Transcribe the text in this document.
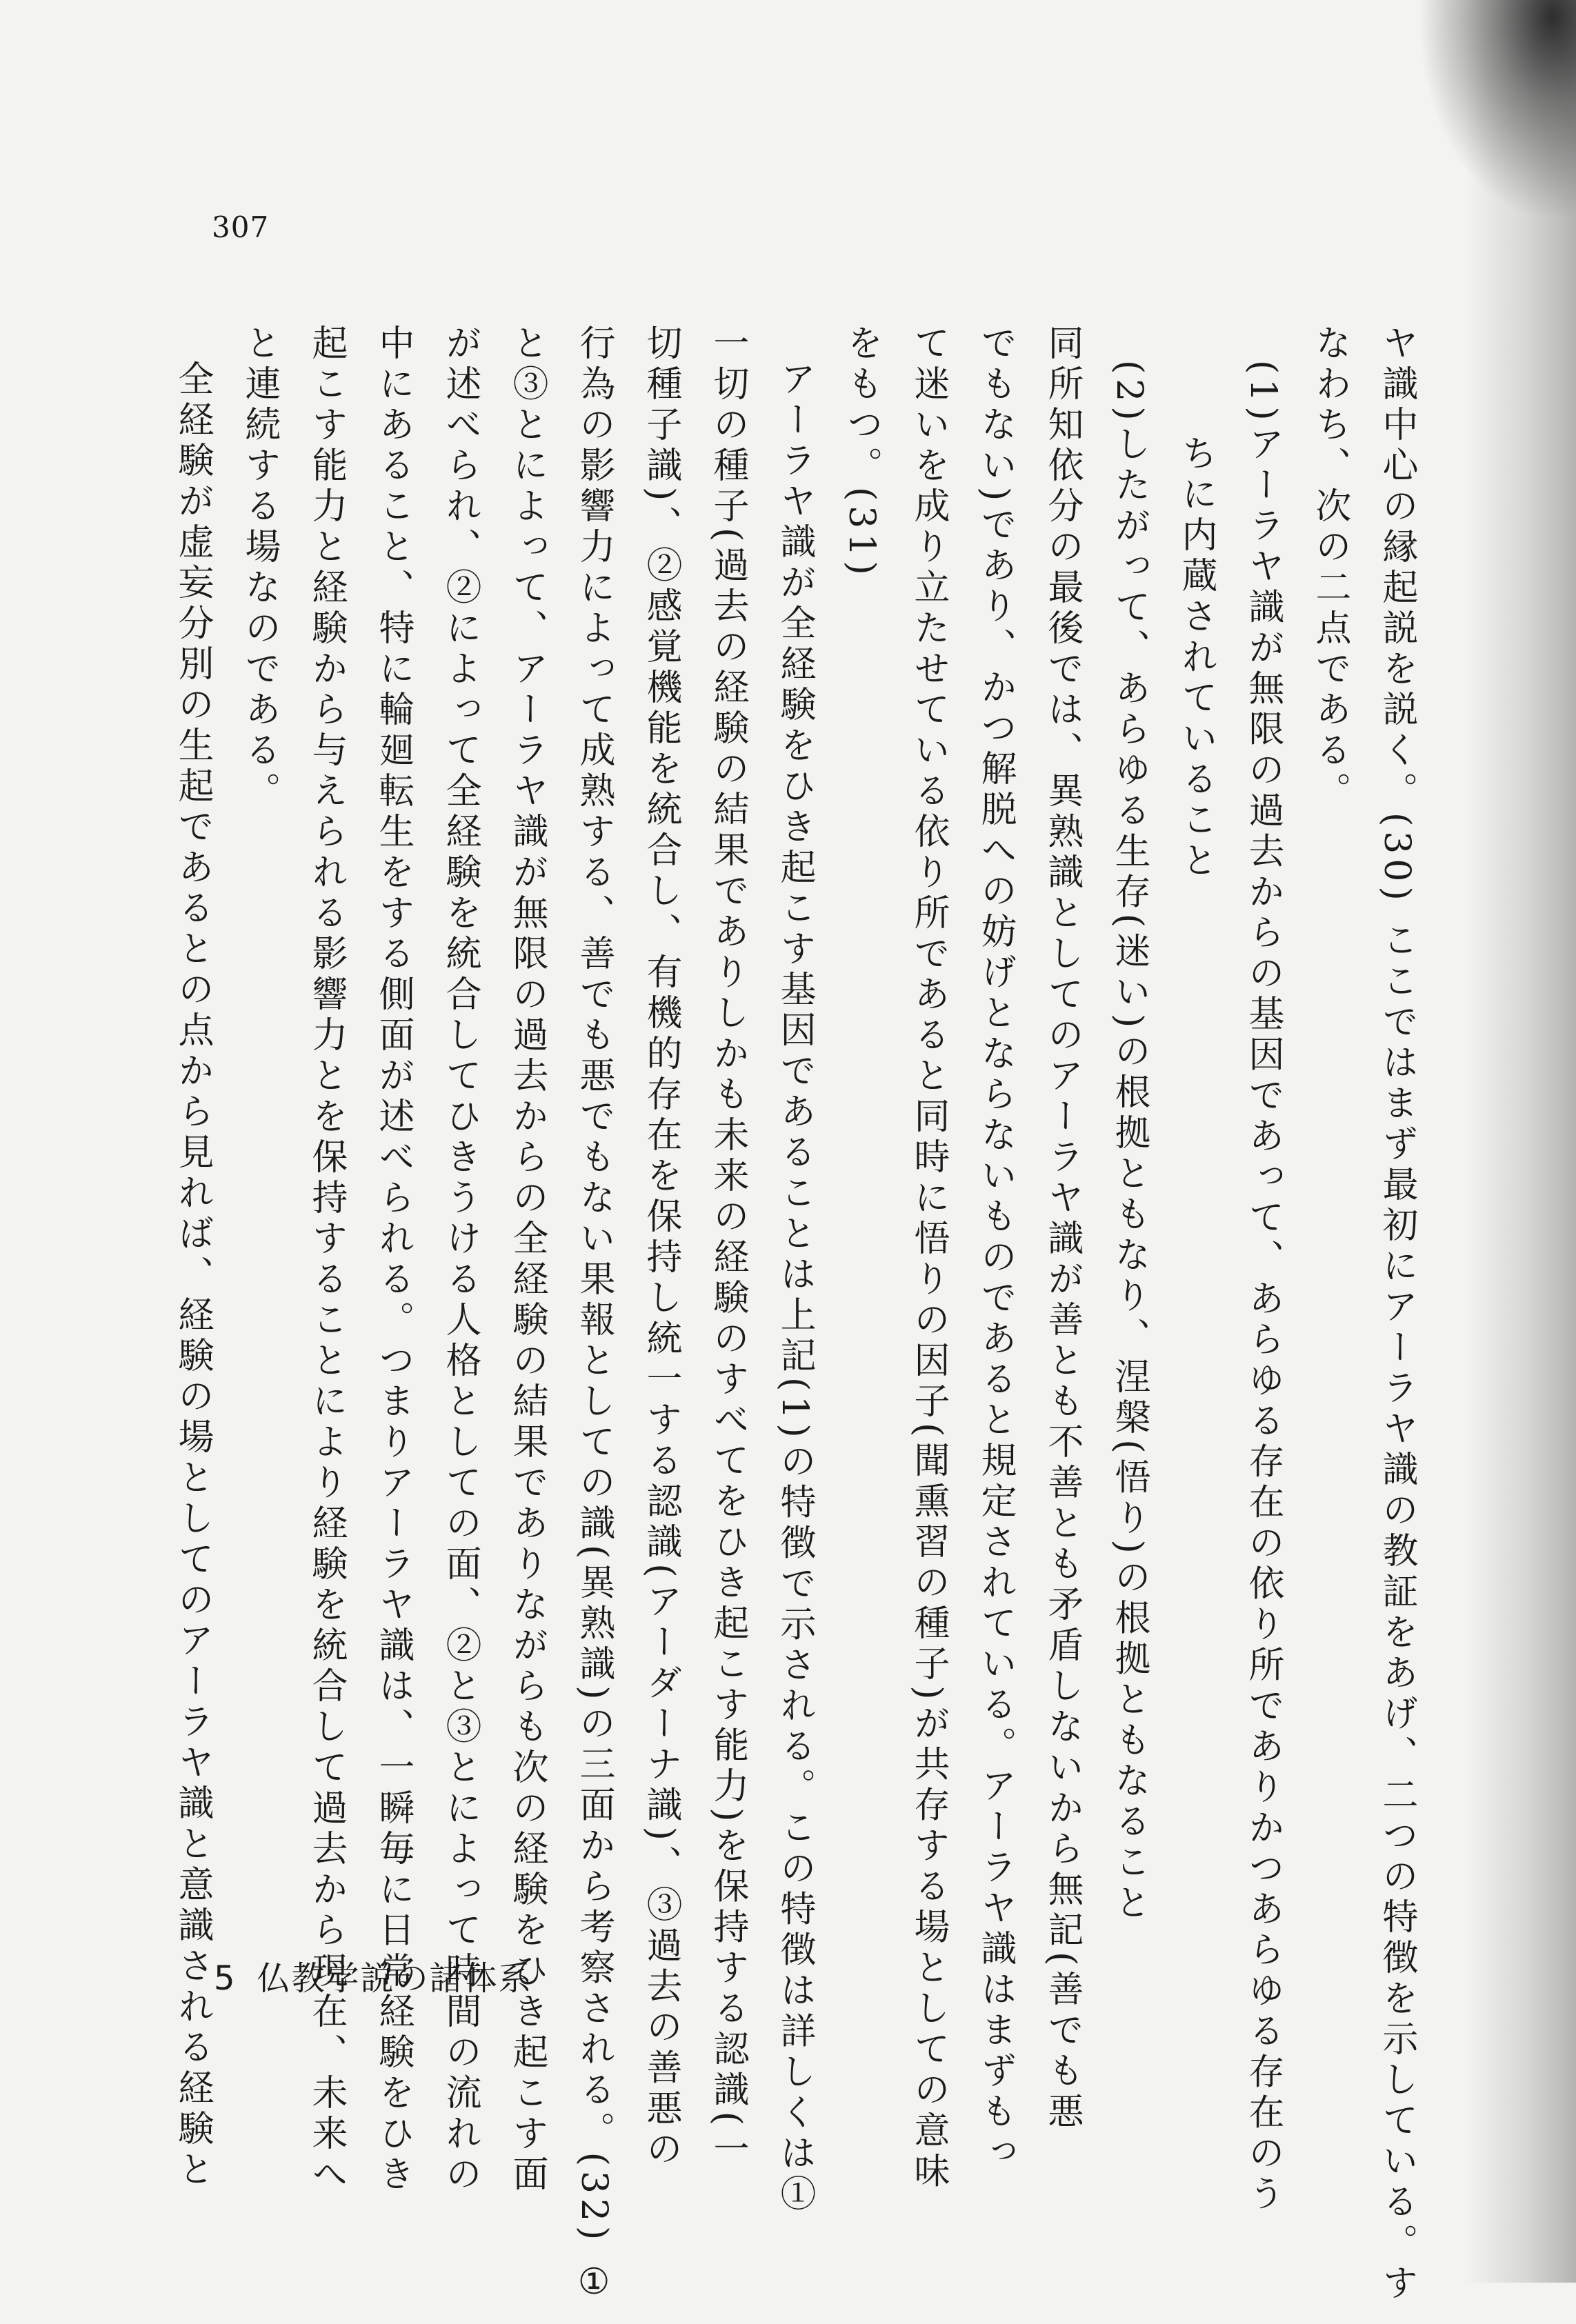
307

ヤ識中心の縁起説を説く。(30) ここではまず最初にアーラヤ識の教証をあげ、二つの特徴を示している。す

なわち、次の二点である。

(1)アーラヤ識が無限の過去からの基因であって、あらゆる存在の依り所でありかつあらゆる存在のう

ちに内蔵されていること

(2)したがって、あらゆる生存(迷い)の根拠ともなり、涅槃(悟り)の根拠ともなること

同所知依分の最後では、異熟識としてのアーラヤ識が善とも不善とも矛盾しないから無記(善でも悪

でもない)であり、かつ解脱への妨げとならないものであると規定されている。アーラヤ識はまずもっ

て迷いを成り立たせている依り所であると同時に悟りの因子(聞熏習の種子)が共存する場としての意味

をもつ。(31)

アーラヤ識が全経験をひき起こす基因であることは上記(1)の特徴で示される。この特徴は詳しくは①

一切の種子(過去の経験の結果でありしかも未来の経験のすべてをひき起こす能力)を保持する認識(一

切種子識)、②感覚機能を統合し、有機的存在を保持し統一する認識(アーダーナ識)、③過去の善悪の

行為の影響力によって成熟する、善でも悪でもない果報としての識(異熟識)の三面から考察される。(32) ①

と③とによって、アーラヤ識が無限の過去からの全経験の結果でありながらも次の経験をひき起こす面

が述べられ、②によって全経験を統合してひきうける人格としての面、②と③とによって時間の流れの

中にあること、特に輪廻転生をする側面が述べられる。つまりアーラヤ識は、一瞬毎に日常経験をひき

起こす能力と経験から与えられる影響力とを保持することにより経験を統合して過去から現在、未来へ

と連続する場なのである。

全経験が虚妄分別の生起であるとの点から見れば、経験の場としてのアーラヤ識と意識される経験と 5 仏教学説の諸体系
